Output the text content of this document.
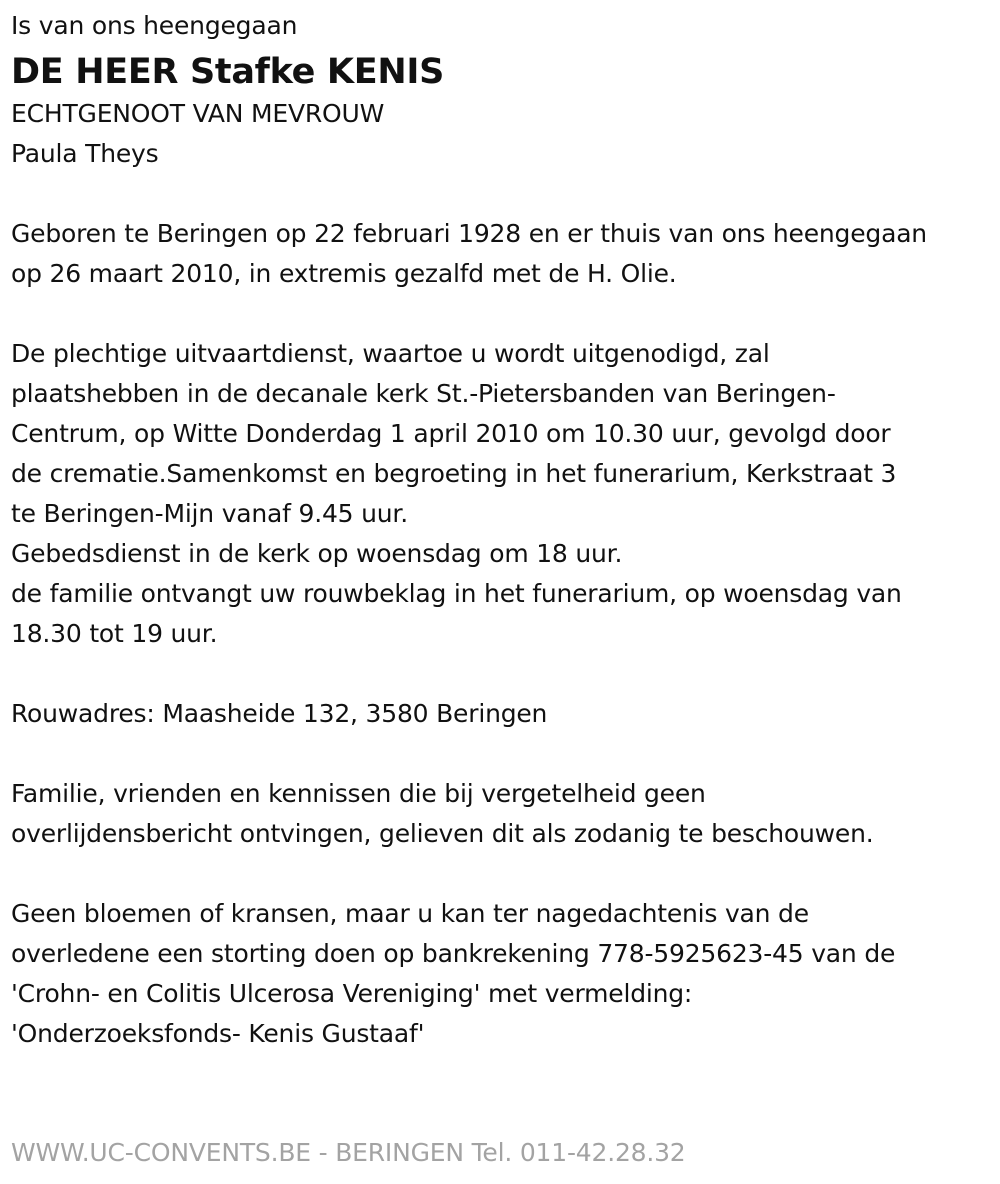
Is van ons heengegaan
DE HEER Stafke KENIS
ECHTGENOOT VAN MEVROUW
Paula Theys
Geboren te Beringen op 22 februari 1928 en er thuis van ons heengegaan
op 26 maart 2010, in extremis gezalfd met de H. Olie.
De plechtige uitvaartdienst, waartoe u wordt uitgenodigd, zal
plaatshebben in de decanale kerk St.-Pietersbanden van Beringen-
Centrum, op Witte Donderdag 1 april 2010 om 10.30 uur, gevolgd door
de crematie.Samenkomst en begroeting in het funerarium, Kerkstraat 3
te Beringen-Mijn vanaf 9.45 uur.
Gebedsdienst in de kerk op woensdag om 18 uur.
de familie ontvangt uw rouwbeklag in het funerarium, op woensdag van
18.30 tot 19 uur.
Rouwadres: Maasheide 132, 3580 Beringen
Familie, vrienden en kennissen die bij vergetelheid geen
overlijdensbericht ontvingen, gelieven dit als zodanig te beschouwen.
Geen bloemen of kransen, maar u kan ter nagedachtenis van de
overledene een storting doen op bankrekening 778-5925623-45 van de
'Crohn- en Colitis Ulcerosa Vereniging' met vermelding:
'Onderzoeksfonds- Kenis Gustaaf'
WWW.UC-CONVENTS.BE - BERINGEN Tel. 011-42.28.32
